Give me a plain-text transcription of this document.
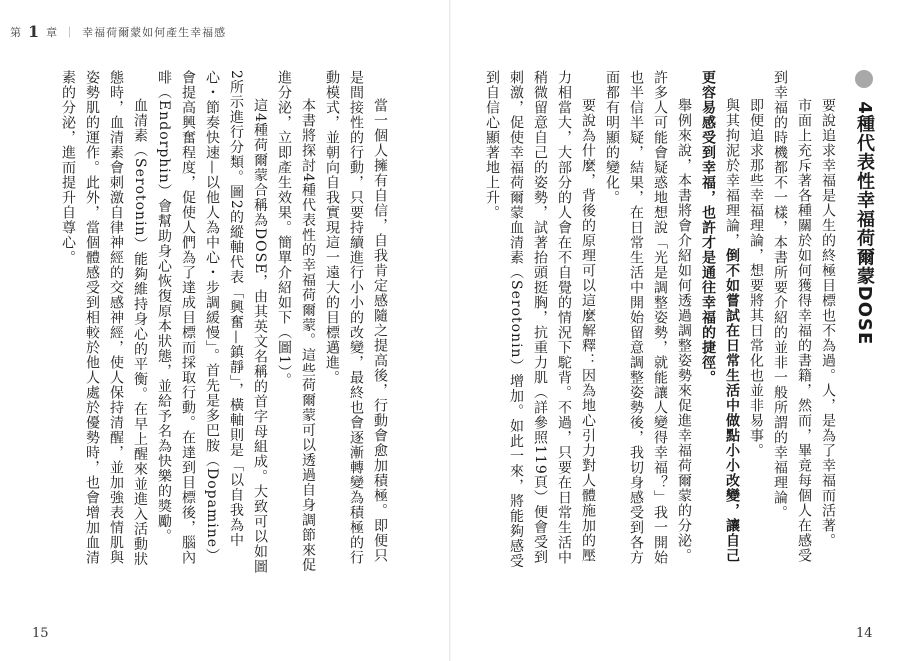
第 1 章 ｜ 幸福荷爾蒙如何產生幸福感
4種代表性幸福荷爾蒙DOSE

要說追求幸福是人生的終極目標也不為過。人，是為了幸福而活著。

市面上充斥著各種關於如何獲得幸福的書籍，然而，畢竟每個人在感受到幸福的時機都不一樣，本書所要介紹的並非一般所謂的幸福理論。

即便追求那些幸福理論，想要將其日常化也並非易事。

與其拘泥於幸福理論，倒不如嘗試在日常生活中做點小小改變，讓自己更容易感受到幸福，也許才是通往幸福的捷徑。

舉例來說，本書將會介紹如何透過調整姿勢來促進幸福荷爾蒙的分泌。許多人可能會疑惑地想說「光是調整姿勢，就能讓人變得幸福？」我一開始也半信半疑，結果，在日常生活中開始留意調整姿勢後，我切身感受到各方面都有明顯的變化。

要說為什麼，背後的原理可以這麼解釋：因為地心引力對人體施加的壓力相當大，大部分的人會在不自覺的情況下駝背。不過，只要在日常生活中稍微留意自己的姿勢，試著抬頭挺胸，抗重力肌（詳參照119頁）便會受到刺激，促使幸福荷爾蒙血清素（Serotonin）增加。如此一來，將能夠感受到自信心顯著地上升。

當一個人擁有自信，自我肯定感隨之提高後，行動會愈加積極。即便只是間接性的行動，只要持續進行小小的改變，最終也會逐漸轉變為積極的行動模式，並朝向自我實現這一遠大的目標邁進。

本書將探討4種代表性的幸福荷爾蒙。這些荷爾蒙可以透過自身調節來促進分泌，立即產生效果。簡單介紹如下（圖1）。

這4種荷爾蒙合稱為DOSE，由其英文名稱的首字母組成。大致可以如圖2所示進行分類。圖2的縱軸代表「興奮—鎮靜」，橫軸則是「以自我為中心・節奏快速—以他人為中心・步調緩慢」。首先是多巴胺（Dopamine）會提高興奮程度，促使人們為了達成目標而採取行動。在達到目標後，腦內啡（Endorphin）會幫助身心恢復原本狀態，並給予名為快樂的獎勵。

血清素（Serotonin）能夠維持身心的平衡。在早上醒來並進入活動狀態時，血清素會刺激自律神經的交感神經，使人保持清醒，並加強表情肌與姿勢肌的運作。此外，當個體感受到相較於他人處於優勢時，也會增加血清素的分泌，進而提升自尊心。

15	14
